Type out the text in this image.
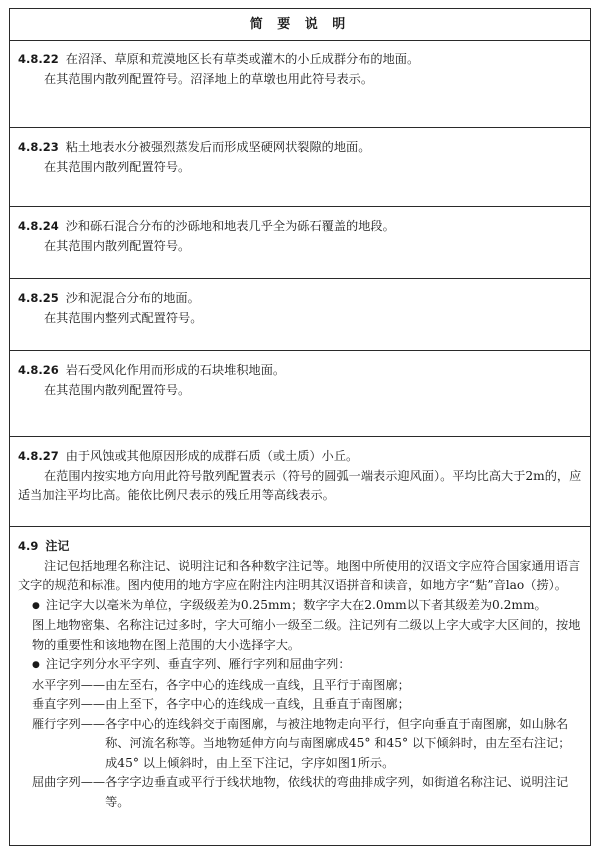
简 要 说 明
4.8.22 在沼泽、草原和荒漠地区长有草类或灌木的小丘成群分布的地面。
在其范围内散列配置符号。沼泽地上的草墩也用此符号表示。
4.8.23 粘土地表水分被强烈蒸发后而形成坚硬网状裂隙的地面。
在其范围内散列配置符号。
4.8.24 沙和砾石混合分布的沙砾地和地表几乎全为砾石覆盖的地段。
在其范围内散列配置符号。
4.8.25 沙和泥混合分布的地面。
在其范围内整列式配置符号。
4.8.26 岩石受风化作用而形成的石块堆积地面。
在其范围内散列配置符号。
4.8.27 由于风蚀或其他原因形成的成群石质（或土质）小丘。
在范围内按实地方向用此符号散列配置表示（符号的圆弧一端表示迎风面）。平均比高大于2m的，应适当加注平均比高。能依比例尺表示的残丘用等高线表示。
4.9 注记
注记包括地理名称注记、说明注记和各种数字注记等。地图中所使用的汉语文字应符合国家通用语言文字的规范和标准。图内使用的地方字应在附注内注明其汉语拼音和读音，如地方字“䴴”音lao（捞）。
● 注记字大以毫米为单位，字级级差为0.25mm；数字字大在2.0mm以下者其级差为0.2mm。
图上地物密集、名称注记过多时，字大可缩小一级至二级。注记列有二级以上字大或字大区间的，按地物的重要性和该地物在图上范围的大小选择字大。
● 注记字列分水平字列、垂直字列、雁行字列和屈曲字列：
水平字列—— 由左至右，各字中心的连线成一直线，且平行于南图廓；
垂直字列—— 由上至下，各字中心的连线成一直线，且垂直于南图廓；
雁行字列—— 各字中心的连线斜交于南图廓，与被注地物走向平行，但字向垂直于南图廓，如山脉名称、河流名称等。当地物延伸方向与南图廓成45° 和45° 以下倾斜时，由左至右注记；成45° 以上倾斜时，由上至下注记，字序如图1所示。
屈曲字列—— 各字字边垂直或平行于线状地物，依线状的弯曲排成字列，如街道名称注记、说明注记等。
